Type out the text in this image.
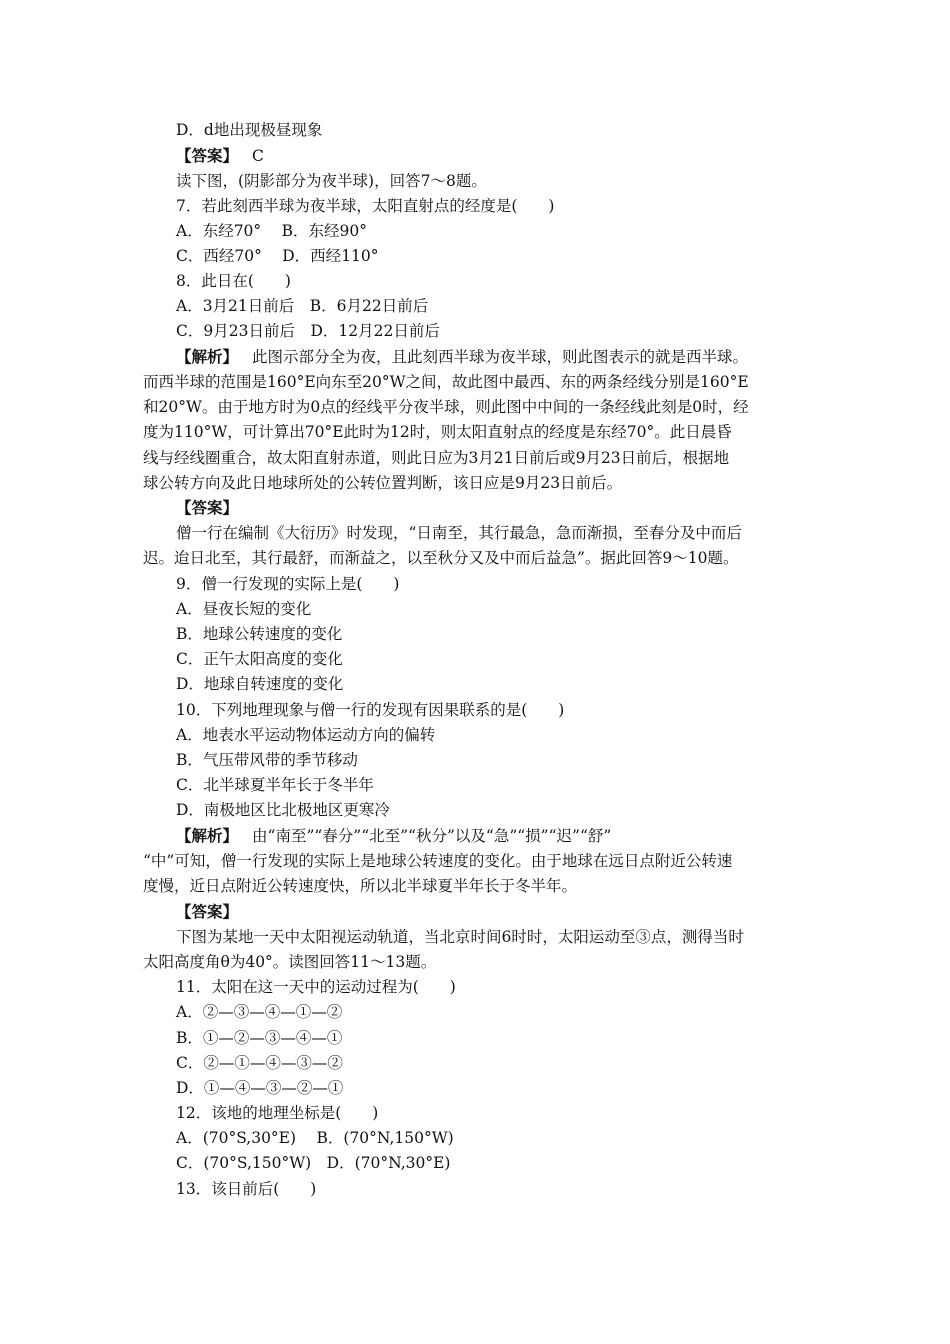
D．d地出现极昼现象
【答案】 C
读下图，(阴影部分为夜半球)，回答7～8题。
7．若此刻西半球为夜半球，太阳直射点的经度是(　　)
A．东经70°　 B．东经90°
C．西经70°　 D．西经110°
8．此日在(　　)
A．3月21日前后　B．6月22日前后
C．9月23日前后　D．12月22日前后
【解析】 此图示部分全为夜，且此刻西半球为夜半球，则此图表示的就是西半球。
而西半球的范围是160°E向东至20°W之间，故此图中最西、东的两条经线分别是160°E
和20°W。由于地方时为0点的经线平分夜半球，则此图中中间的一条经线此刻是0时，经
度为110°W，可计算出70°E此时为12时，则太阳直射点的经度是东经70°。此日晨昏
线与经线圈重合，故太阳直射赤道，则此日应为3月21日前后或9月23日前后，根据地
球公转方向及此日地球所处的公转位置判断，该日应是9月23日前后。
【答案】
僧一行在编制《大衍历》时发现，“日南至，其行最急，急而渐损，至春分及中而后
迟。迨日北至，其行最舒，而渐益之，以至秋分又及中而后益急”。据此回答9～10题。
9．僧一行发现的实际上是(　　)
A．昼夜长短的变化
B．地球公转速度的变化
C．正午太阳高度的变化
D．地球自转速度的变化
10．下列地理现象与僧一行的发现有因果联系的是(　　)
A．地表水平运动物体运动方向的偏转
B．气压带风带的季节移动
C．北半球夏半年长于冬半年
D．南极地区比北极地区更寒冷
【解析】 由“南至”“春分”“北至”“秋分”以及“急”“损”“迟”“舒”
“中”可知，僧一行发现的实际上是地球公转速度的变化。由于地球在远日点附近公转速
度慢，近日点附近公转速度快，所以北半球夏半年长于冬半年。
【答案】
下图为某地一天中太阳视运动轨道，当北京时间6时时，太阳运动至③点，测得当时
太阳高度角θ为40°。读图回答11～13题。
11．太阳在这一天中的运动过程为(　　)
A．②—③—④—①—②
B．①—②—③—④—①
C．②—①—④—③—②
D．①—④—③—②—①
12．该地的地理坐标是(　　)
A．(70°S,30°E)　 B．(70°N,150°W)
C．(70°S,150°W)　D．(70°N,30°E)
13．该日前后(　　)
